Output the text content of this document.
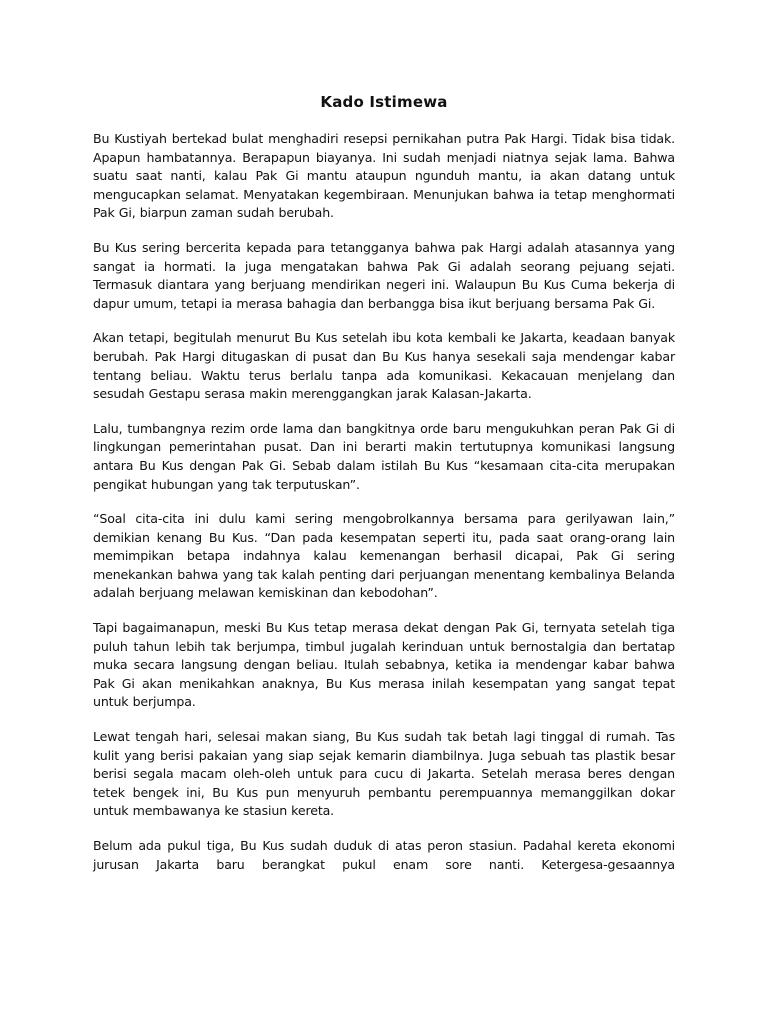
Kado Istimewa

Bu Kustiyah bertekad bulat menghadiri resepsi pernikahan putra Pak Hargi. Tidak bisa tidak. Apapun hambatannya. Berapapun biayanya. Ini sudah menjadi niatnya sejak lama. Bahwa suatu saat nanti, kalau Pak Gi mantu ataupun ngunduh mantu, ia akan datang untuk mengucapkan selamat. Menyatakan kegembiraan. Menunjukan bahwa ia tetap menghormati Pak Gi, biarpun zaman sudah berubah.

Bu Kus sering bercerita kepada para tetangganya bahwa pak Hargi adalah atasannya yang sangat ia hormati. Ia juga mengatakan bahwa Pak Gi adalah seorang pejuang sejati. Termasuk diantara yang berjuang mendirikan negeri ini. Walaupun Bu Kus Cuma bekerja di dapur umum, tetapi ia merasa bahagia dan berbangga bisa ikut berjuang bersama Pak Gi.

Akan tetapi, begitulah menurut Bu Kus setelah ibu kota kembali ke Jakarta, keadaan banyak berubah. Pak Hargi ditugaskan di pusat dan Bu Kus hanya sesekali saja mendengar kabar tentang beliau. Waktu terus berlalu tanpa ada komunikasi. Kekacauan menjelang dan sesudah Gestapu serasa makin merenggangkan jarak Kalasan-Jakarta.

Lalu, tumbangnya rezim orde lama dan bangkitnya orde baru mengukuhkan peran Pak Gi di lingkungan pemerintahan pusat. Dan ini berarti makin tertutupnya komunikasi langsung antara Bu Kus dengan Pak Gi. Sebab dalam istilah Bu Kus “kesamaan cita-cita merupakan pengikat hubungan yang tak terputuskan”.

“Soal cita-cita ini dulu kami sering mengobrolkannya bersama para gerilyawan lain,” demikian kenang Bu Kus. “Dan pada kesempatan seperti itu, pada saat orang-orang lain memimpikan betapa indahnya kalau kemenangan berhasil dicapai, Pak Gi sering menekankan bahwa yang tak kalah penting dari perjuangan menentang kembalinya Belanda adalah berjuang melawan kemiskinan dan kebodohan”.

Tapi bagaimanapun, meski Bu Kus tetap merasa dekat dengan Pak Gi, ternyata setelah tiga puluh tahun lebih tak berjumpa, timbul jugalah kerinduan untuk bernostalgia dan bertatap muka secara langsung dengan beliau. Itulah sebabnya, ketika ia mendengar kabar bahwa Pak Gi akan menikahkan anaknya, Bu Kus merasa inilah kesempatan yang sangat tepat untuk berjumpa.

Lewat tengah hari, selesai makan siang, Bu Kus sudah tak betah lagi tinggal di rumah. Tas kulit yang berisi pakaian yang siap sejak kemarin diambilnya. Juga sebuah tas plastik besar berisi segala macam oleh-oleh untuk para cucu di Jakarta. Setelah merasa beres dengan tetek bengek ini, Bu Kus pun menyuruh pembantu perempuannya memanggilkan dokar untuk membawanya ke stasiun kereta.

Belum ada pukul tiga, Bu Kus sudah duduk di atas peron stasiun. Padahal kereta ekonomi jurusan Jakarta baru berangkat pukul enam sore nanti. Ketergesa-gesaannya
